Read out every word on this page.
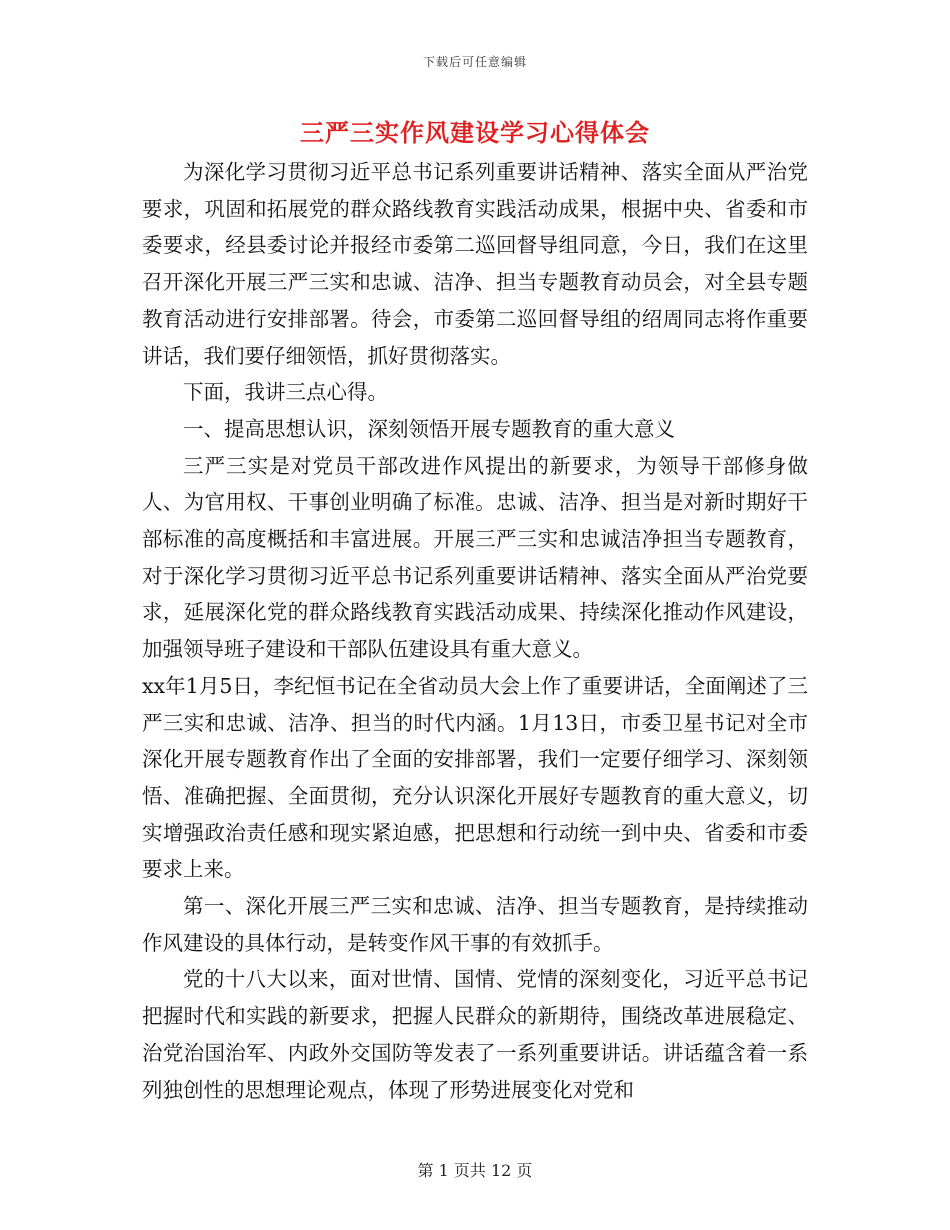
下载后可任意编辑
三严三实作风建设学习心得体会

为深化学习贯彻习近平总书记系列重要讲话精神、落实全面从严治党要求，巩固和拓展党的群众路线教育实践活动成果，根据中央、省委和市委要求，经县委讨论并报经市委第二巡回督导组同意，今日，我们在这里召开深化开展三严三实和忠诚、洁净、担当专题教育动员会，对全县专题教育活动进行安排部署。待会，市委第二巡回督导组的绍周同志将作重要讲话，我们要仔细领悟，抓好贯彻落实。

下面，我讲三点心得。

一、提高思想认识，深刻领悟开展专题教育的重大意义

三严三实是对党员干部改进作风提出的新要求，为领导干部修身做人、为官用权、干事创业明确了标准。忠诚、洁净、担当是对新时期好干部标准的高度概括和丰富进展。开展三严三实和忠诚洁净担当专题教育，对于深化学习贯彻习近平总书记系列重要讲话精神、落实全面从严治党要求，延展深化党的群众路线教育实践活动成果、持续深化推动作风建设，加强领导班子建设和干部队伍建设具有重大意义。

xx年1月5日，李纪恒书记在全省动员大会上作了重要讲话，全面阐述了三严三实和忠诚、洁净、担当的时代内涵。1月13日，市委卫星书记对全市深化开展专题教育作出了全面的安排部署，我们一定要仔细学习、深刻领悟、准确把握、全面贯彻，充分认识深化开展好专题教育的重大意义，切实增强政治责任感和现实紧迫感，把思想和行动统一到中央、省委和市委要求上来。

第一、深化开展三严三实和忠诚、洁净、担当专题教育，是持续推动作风建设的具体行动，是转变作风干事的有效抓手。

党的十八大以来，面对世情、国情、党情的深刻变化，习近平总书记把握时代和实践的新要求，把握人民群众的新期待，围绕改革进展稳定、治党治国治军、内政外交国防等发表了一系列重要讲话。讲话蕴含着一系列独创性的思想理论观点，体现了形势进展变化对党和

第 1 页共 12 页
